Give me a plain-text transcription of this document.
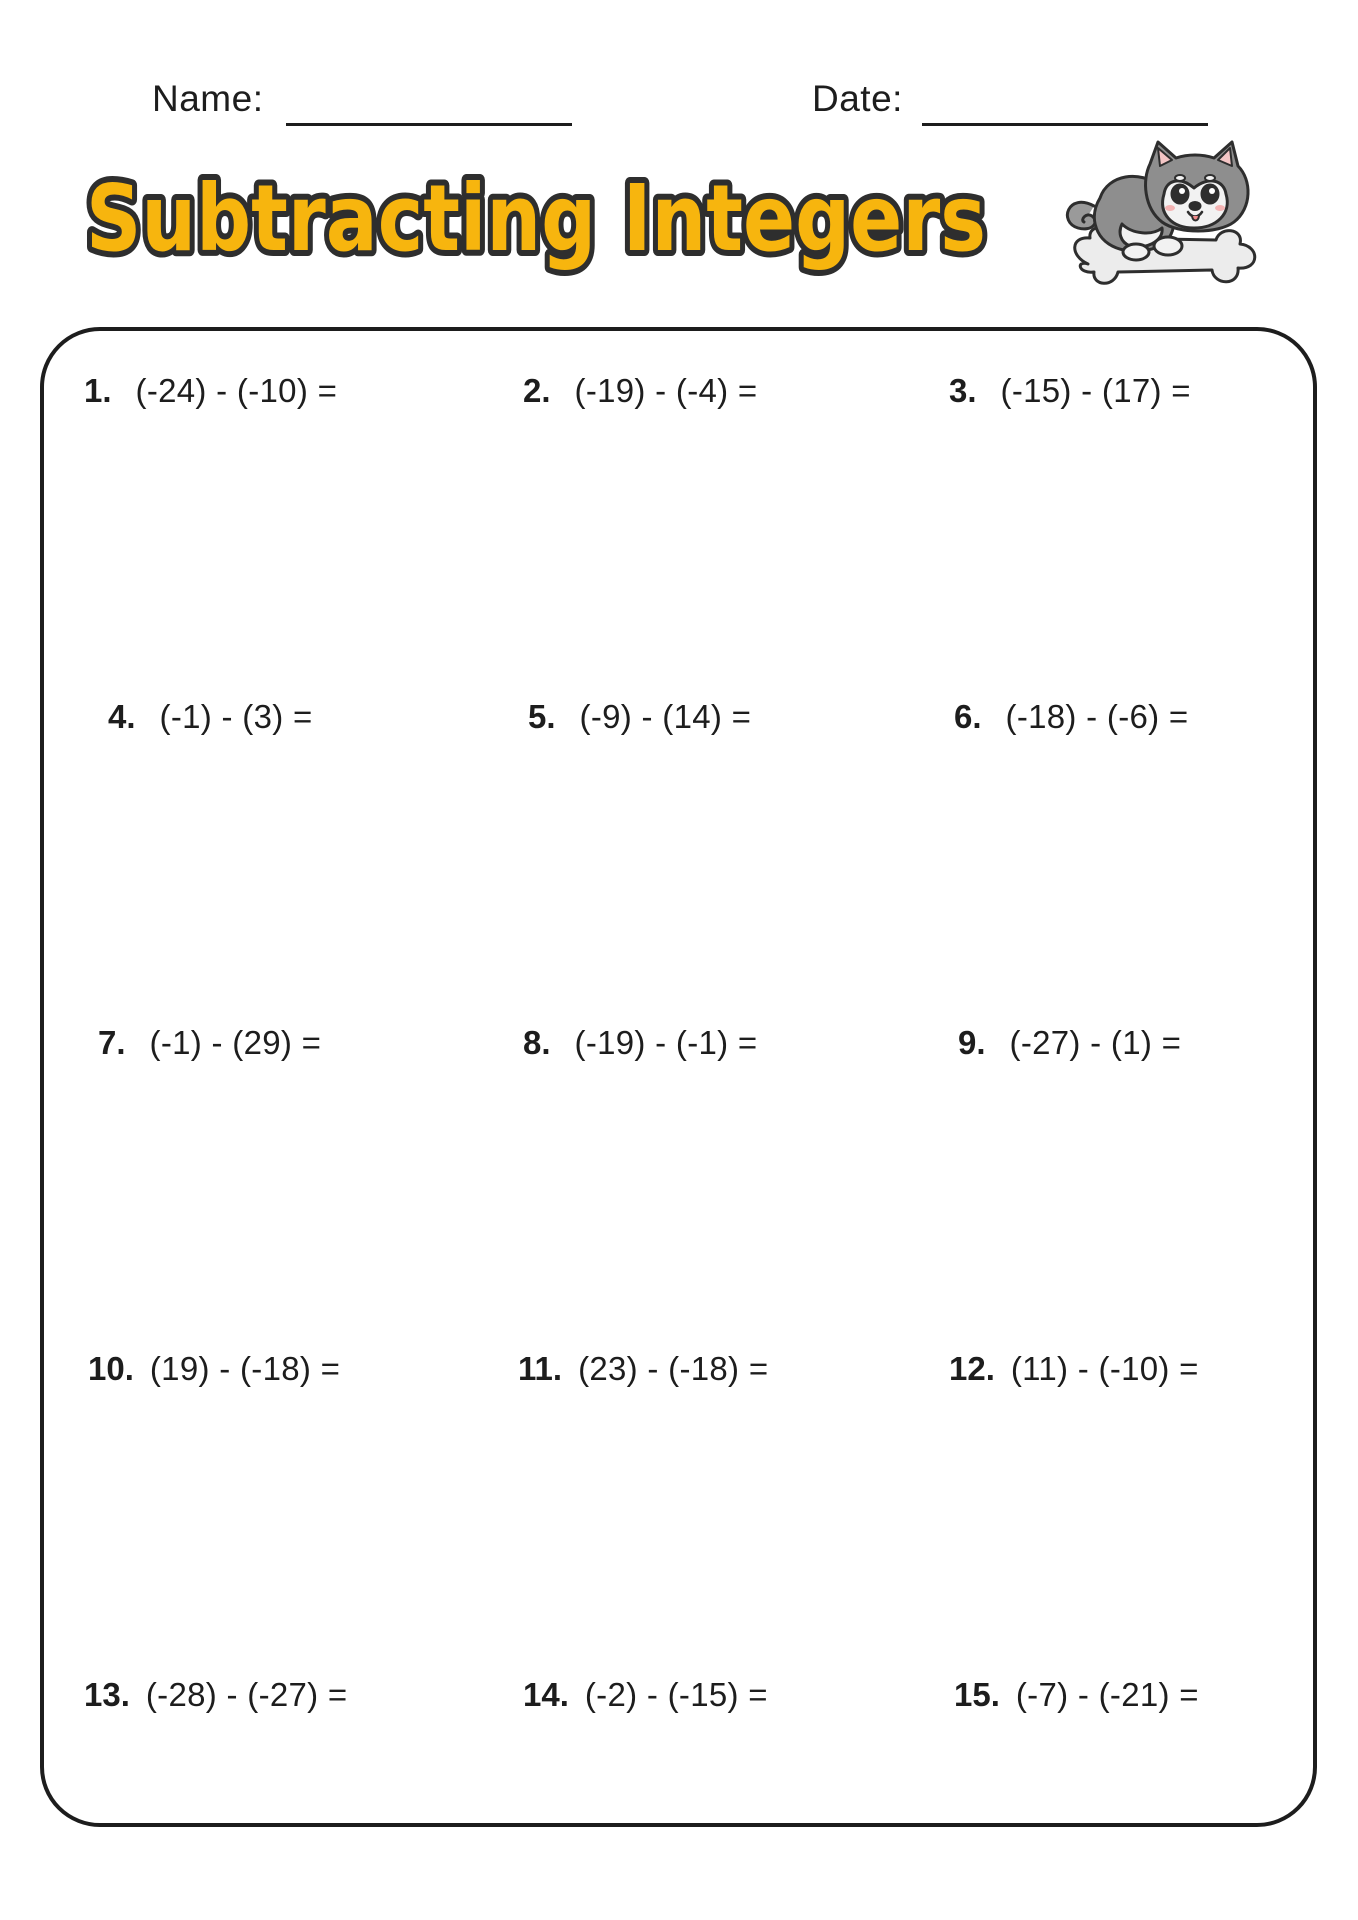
Name:	Date:
Subtracting Integers
Subtracting Integers
1. (-24) - (-10) =	2. (-19) - (-4) =	3. (-15) - (17) =
4. (-1) - (3) =	5. (-9) - (14) =	6. (-18) - (-6) =
7. (-1) - (29) =	8. (-19) - (-1) =	9. (-27) - (1) =
10. (19) - (-18) =	11. (23) - (-18) =	12. (11) - (-10) =
13. (-28) - (-27) =	14. (-2) - (-15) =	15. (-7) - (-21) =
